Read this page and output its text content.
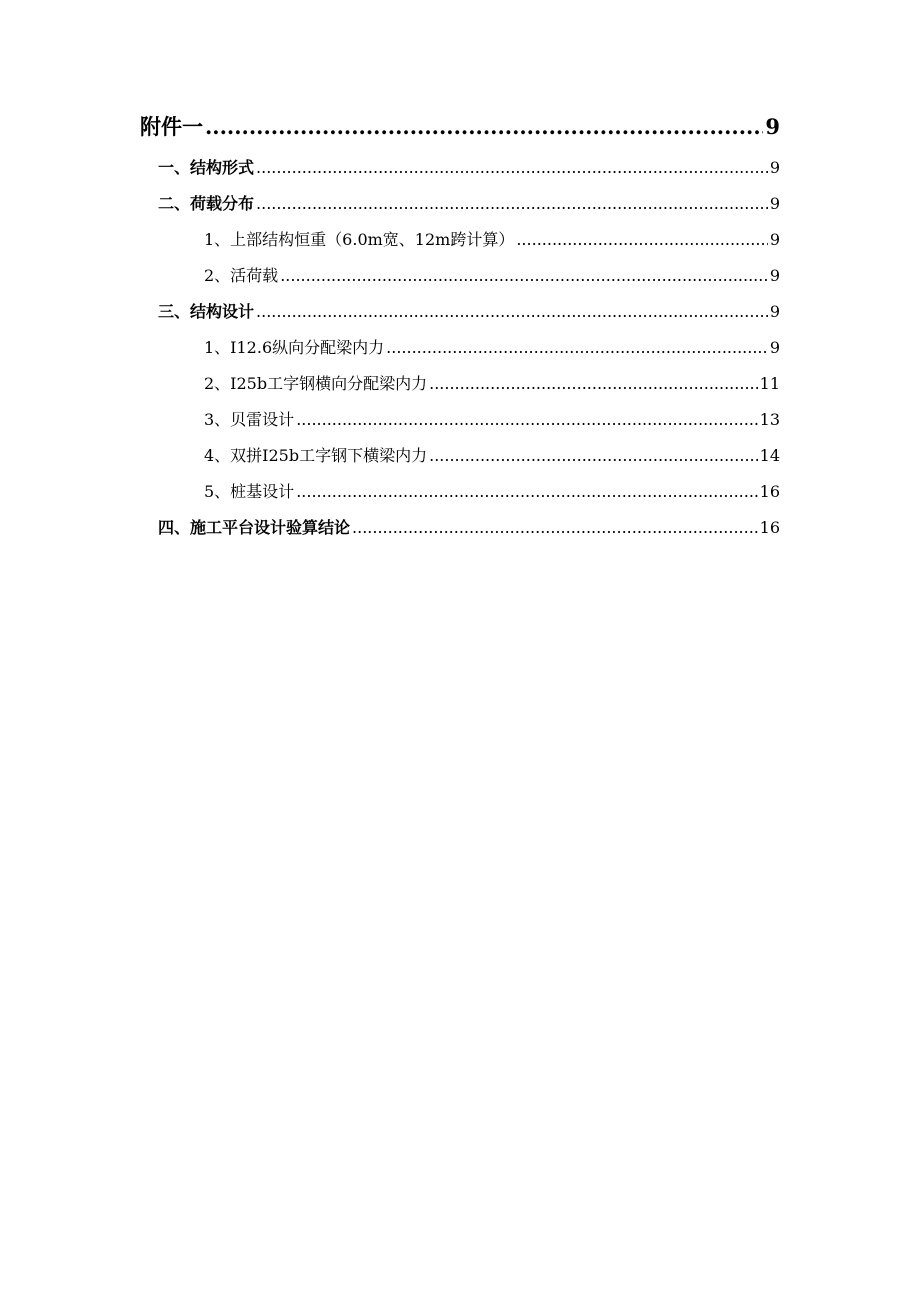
附件一 .....	9
一、结构形式 .....	9
二、荷载分布 .....	9
1、上部结构恒重（6.0m宽、12m跨计算） .....	9
2、活荷载 .....	9
三、结构设计 .....	9
1、I12.6纵向分配梁内力 .....	9
2、I25b工字钢横向分配梁内力 .....	11
3、贝雷设计 .....	13
4、双拼I25b工字钢下横梁内力 .....	14
5、桩基设计 .....	16
四、施工平台设计验算结论 .....	16
